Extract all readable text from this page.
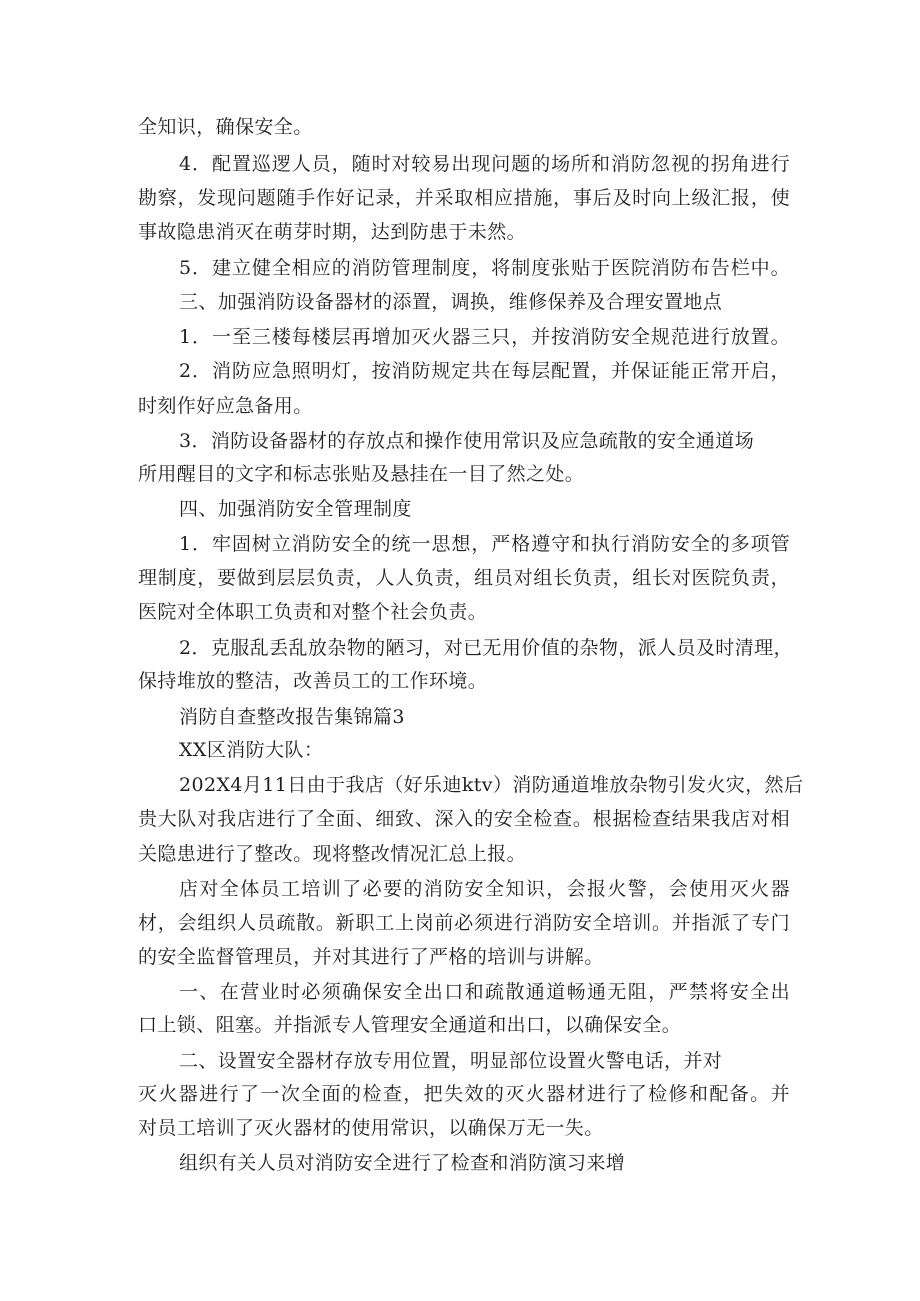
全知识，确保安全。
4．配置巡逻人员，随时对较易出现问题的场所和消防忽视的拐角进行
勘察，发现问题随手作好记录，并采取相应措施，事后及时向上级汇报，使
事故隐患消灭在萌芽时期，达到防患于未然。
5．建立健全相应的消防管理制度，将制度张贴于医院消防布告栏中。
三、加强消防设备器材的添置，调换，维修保养及合理安置地点
1．一至三楼每楼层再增加灭火器三只，并按消防安全规范进行放置。
2．消防应急照明灯，按消防规定共在每层配置，并保证能正常开启，
时刻作好应急备用。
3．消防设备器材的存放点和操作使用常识及应急疏散的安全通道场
所用醒目的文字和标志张贴及悬挂在一目了然之处。
四、加强消防安全管理制度
1．牢固树立消防安全的统一思想，严格遵守和执行消防安全的多项管
理制度，要做到层层负责，人人负责，组员对组长负责，组长对医院负责，
医院对全体职工负责和对整个社会负责。
2．克服乱丢乱放杂物的陋习，对已无用价值的杂物，派人员及时清理，
保持堆放的整洁，改善员工的工作环境。
消防自查整改报告集锦篇3
XX区消防大队：
202X4月11日由于我店（好乐迪ktv）消防通道堆放杂物引发火灾，然后
贵大队对我店进行了全面、细致、深入的安全检查。根据检查结果我店对相
关隐患进行了整改。现将整改情况汇总上报。
店对全体员工培训了必要的消防安全知识，会报火警，会使用灭火器
材，会组织人员疏散。新职工上岗前必须进行消防安全培训。并指派了专门
的安全监督管理员，并对其进行了严格的培训与讲解。
一、在营业时必须确保安全出口和疏散通道畅通无阻，严禁将安全出
口上锁、阻塞。并指派专人管理安全通道和出口，以确保安全。
二、设置安全器材存放专用位置，明显部位设置火警电话，并对
灭火器进行了一次全面的检查，把失效的灭火器材进行了检修和配备。并
对员工培训了灭火器材的使用常识，以确保万无一失。
组织有关人员对消防安全进行了检查和消防演习来增
